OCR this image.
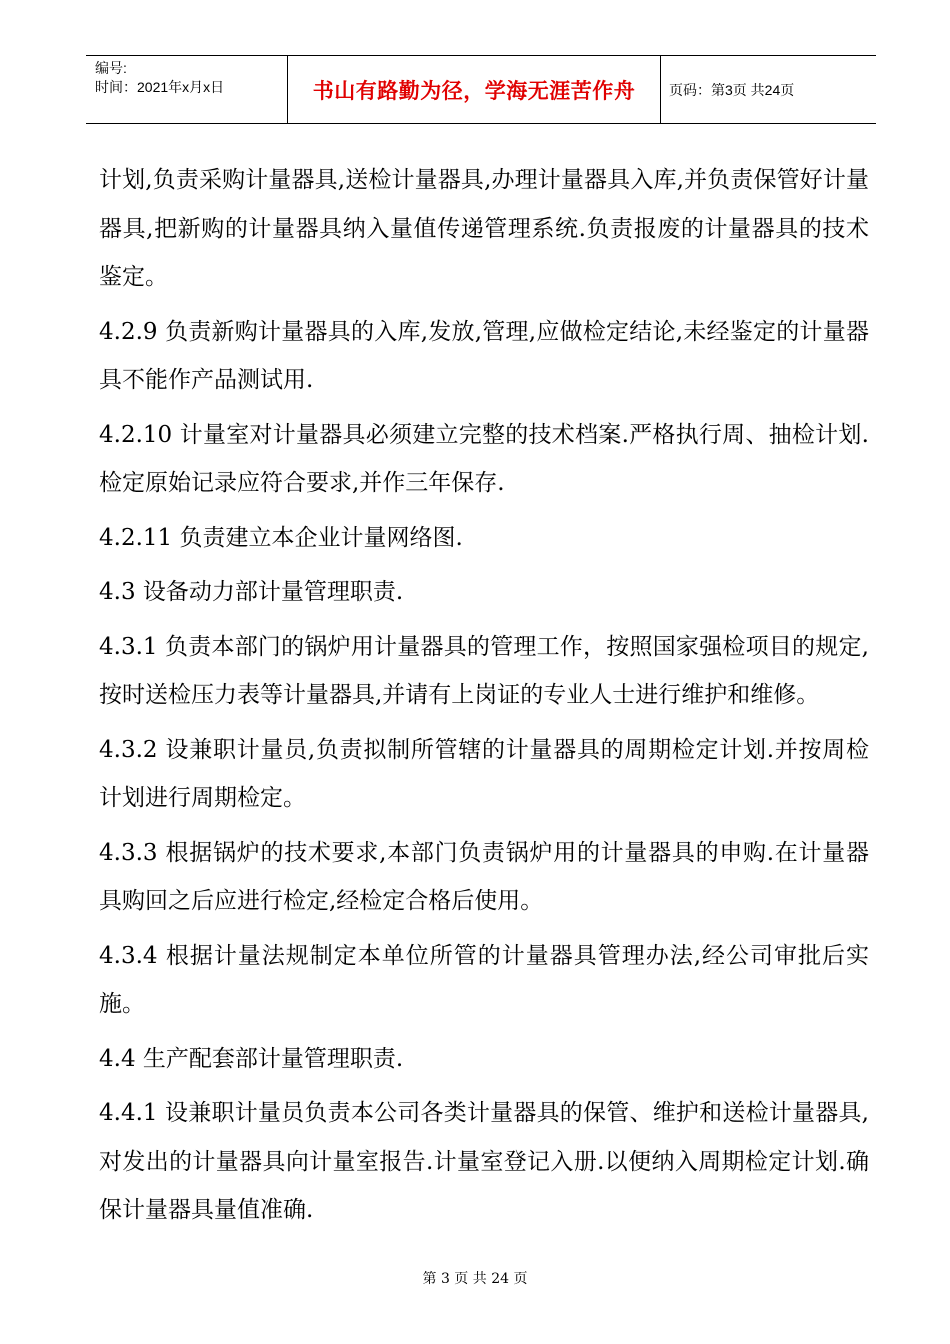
编号:
时间：2021年x月x日	书山有路勤为径，学海无涯苦作舟	页码：第3页 共24页

计划,负责采购计量器具,送检计量器具,办理计量器具入库,并负责保管好计量器具,把新购的计量器具纳入量值传递管理系统.负责报废的计量器具的技术鉴定。

4.2.9 负责新购计量器具的入库,发放,管理,应做检定结论,未经鉴定的计量器具不能作产品测试用.

4.2.10 计量室对计量器具必须建立完整的技术档案.严格执行周、抽检计划.检定原始记录应符合要求,并作三年保存.

4.2.11 负责建立本企业计量网络图.

4.3 设备动力部计量管理职责.

4.3.1 负责本部门的锅炉用计量器具的管理工作，按照国家强检项目的规定,按时送检压力表等计量器具,并请有上岗证的专业人士进行维护和维修。

4.3.2 设兼职计量员,负责拟制所管辖的计量器具的周期检定计划.并按周检计划进行周期检定。

4.3.3 根据锅炉的技术要求,本部门负责锅炉用的计量器具的申购.在计量器具购回之后应进行检定,经检定合格后使用。

4.3.4 根据计量法规制定本单位所管的计量器具管理办法,经公司审批后实施。

4.4 生产配套部计量管理职责.

4.4.1 设兼职计量员负责本公司各类计量器具的保管、维护和送检计量器具,对发出的计量器具向计量室报告.计量室登记入册.以便纳入周期检定计划.确保计量器具量值准确.

第 3 页 共 24 页
